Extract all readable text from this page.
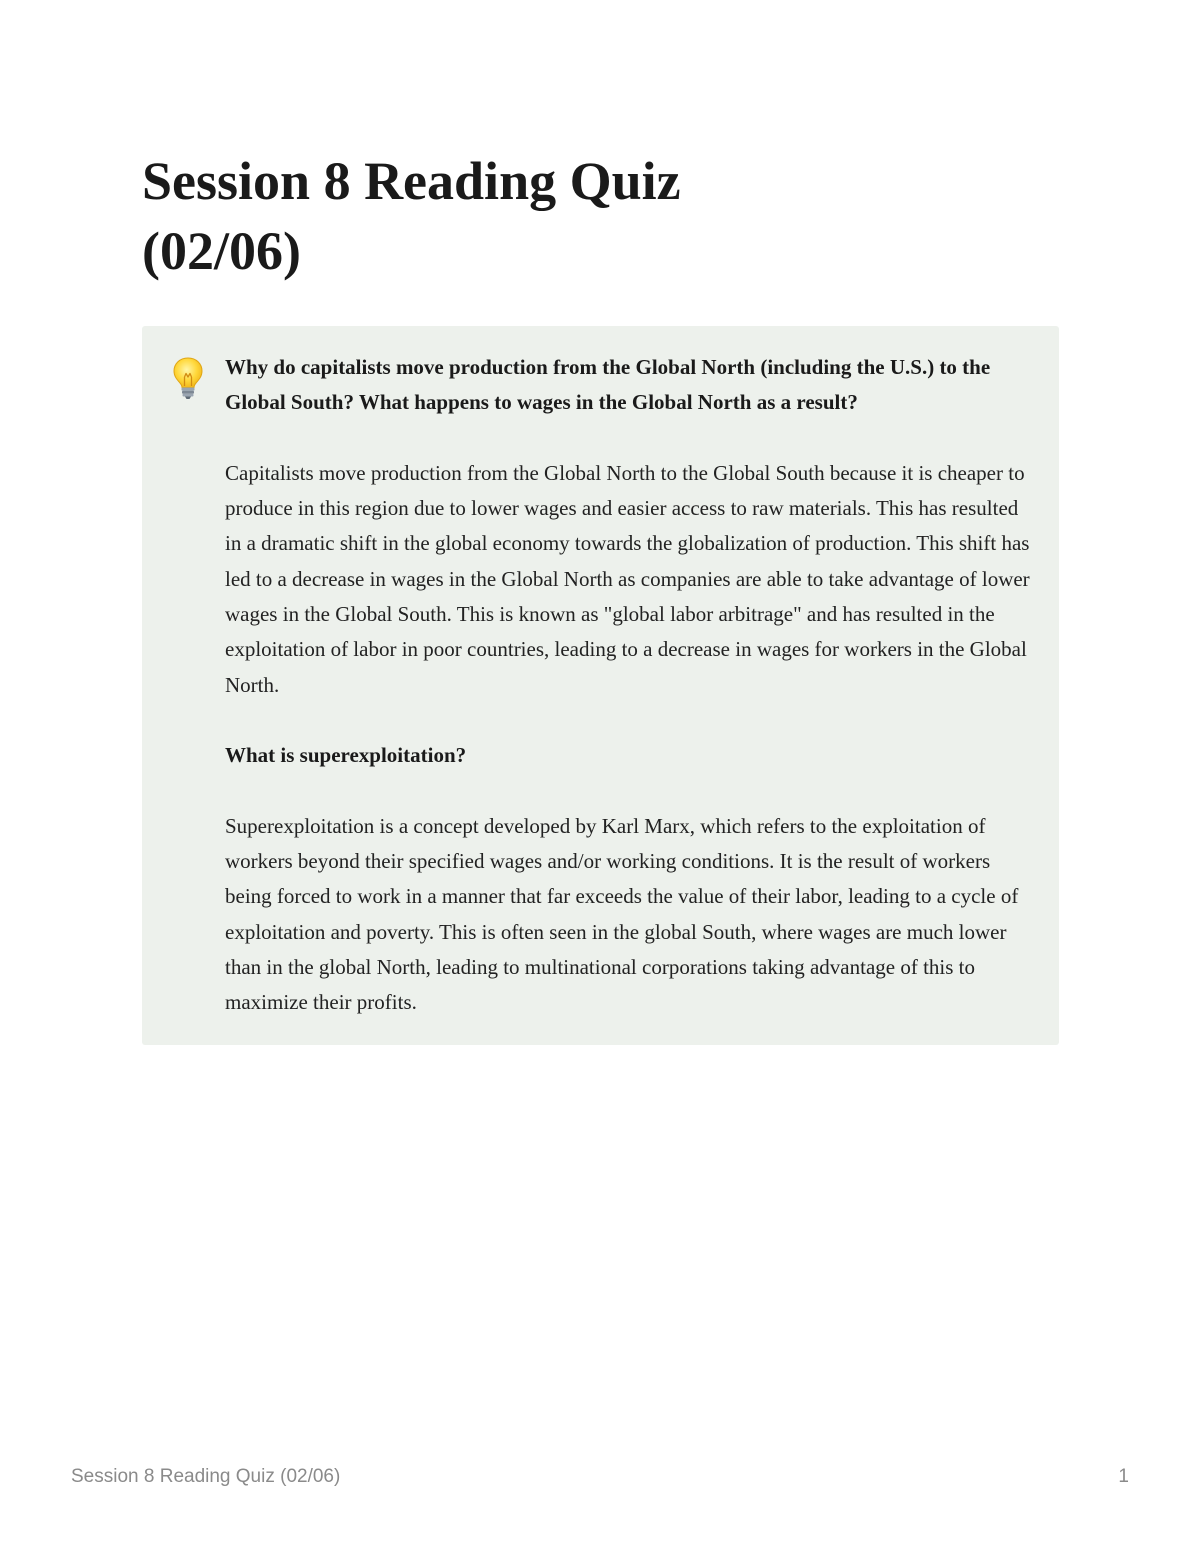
Session 8 Reading Quiz
(02/06)

Why do capitalists move production from the Global North (including the U.S.) to the Global South? What happens to wages in the Global North as a result?

Capitalists move production from the Global North to the Global South because it is cheaper to produce in this region due to lower wages and easier access to raw materials. This has resulted in a dramatic shift in the global economy towards the globalization of production. This shift has led to a decrease in wages in the Global North as companies are able to take advantage of lower wages in the Global South. This is known as "global labor arbitrage" and has resulted in the exploitation of labor in poor countries, leading to a decrease in wages for workers in the Global North.

What is superexploitation?

Superexploitation is a concept developed by Karl Marx, which refers to the exploitation of workers beyond their specified wages and/or working conditions. It is the result of workers being forced to work in a manner that far exceeds the value of their labor, leading to a cycle of exploitation and poverty. This is often seen in the global South, where wages are much lower than in the global North, leading to multinational corporations taking advantage of this to maximize their profits.

Session 8 Reading Quiz (02/06)	1
